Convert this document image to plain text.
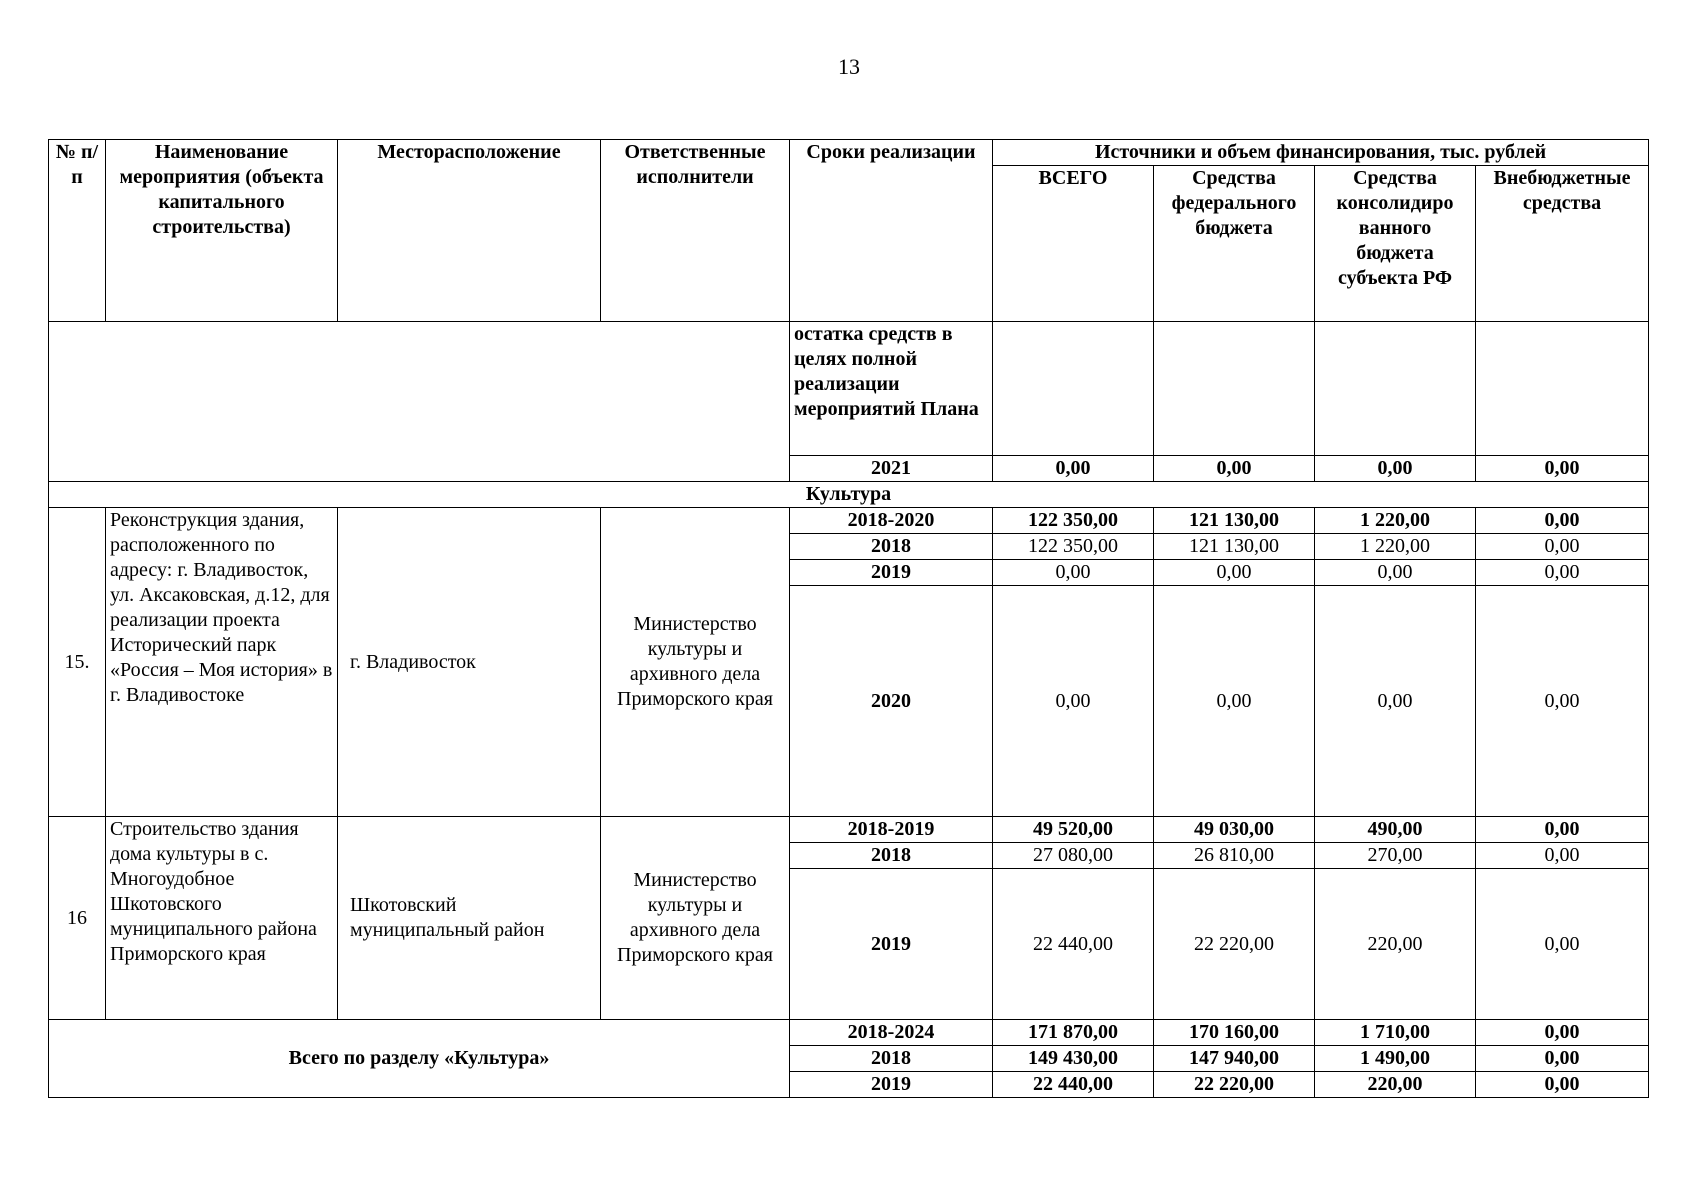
13
№ п/п	Наименование мероприятия (объекта капитального строительства)	Месторасположение	Ответственные исполнители	Сроки реализации	Источники и объем финансирования, тыс. рублей			
					ВСЕГО	Средства федерального бюджета	Средства консолидиро ванного бюджета субъекта РФ	Внебюджетные средства
				остатка средств в целях полной реализации мероприятий Плана				
				2021	0,00	0,00	0,00	0,00
Культура								
15.	Реконструкция здания, расположенного по адресу: г. Владивосток, ул. Аксаковская, д.12, для реализации проекта Исторический парк «Россия – Моя история» в г. Владивостоке	г. Владивосток	Министерство культуры и архивного дела Приморского края	2018-2020	122 350,00	121 130,00	1 220,00	0,00
				2018	122 350,00	121 130,00	1 220,00	0,00
				2019	0,00	0,00	0,00	0,00
				2020	0,00	0,00	0,00	0,00
16	Строительство здания дома культуры в с. Многоудобное Шкотовского муниципального района Приморского края	Шкотовский муниципальный район	Министерство культуры и архивного дела Приморского края	2018-2019	49 520,00	49 030,00	490,00	0,00
				2018	27 080,00	26 810,00	270,00	0,00
				2019	22 440,00	22 220,00	220,00	0,00
Всего по разделу «Культура»				2018-2024	171 870,00	170 160,00	1 710,00	0,00
				2018	149 430,00	147 940,00	1 490,00	0,00
				2019	22 440,00	22 220,00	220,00	0,00
